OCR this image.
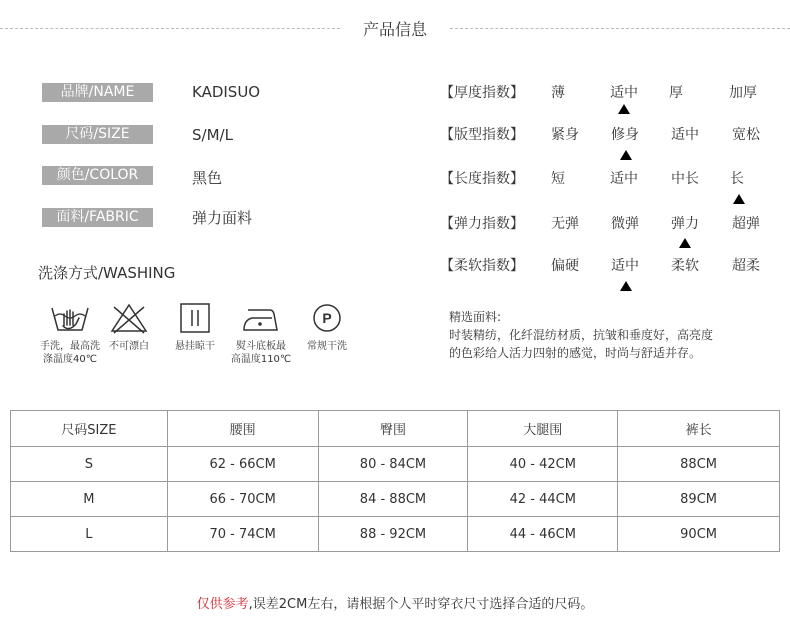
产品信息
品牌/NAME	KADISUO
尺码/SIZE	S/M/L
颜色/COLOR	黑色
面料/FABRIC	弹力面料
洗涤方式/WASHING
手洗，最高洗
涤温度40℃
不可漂白	悬挂晾干	熨斗底板最
高温度110℃
P
常规干洗
【厚度指数】	薄	适中	厚	加厚
【版型指数】	紧身	修身	适中	宽松
【长度指数】	短	适中	中长	长
【弹力指数】	无弹	微弹	弹力	超弹
【柔软指数】	偏硬	适中	柔软	超柔
精选面料:
时装精纺，化纤混纺材质，抗皱和垂度好，高亮度
的色彩给人活力四射的感觉，时尚与舒适并存。
尺码SIZE	腰围	臀围	大腿围	裤长
S	62 - 66CM	80 - 84CM	40 - 42CM	88CM
M	66 - 70CM	84 - 88CM	42 - 44CM	89CM
L	70 - 74CM	88 - 92CM	44 - 46CM	90CM
仅供参考,误差2CM左右，请根据个人平时穿衣尺寸选择合适的尺码。
